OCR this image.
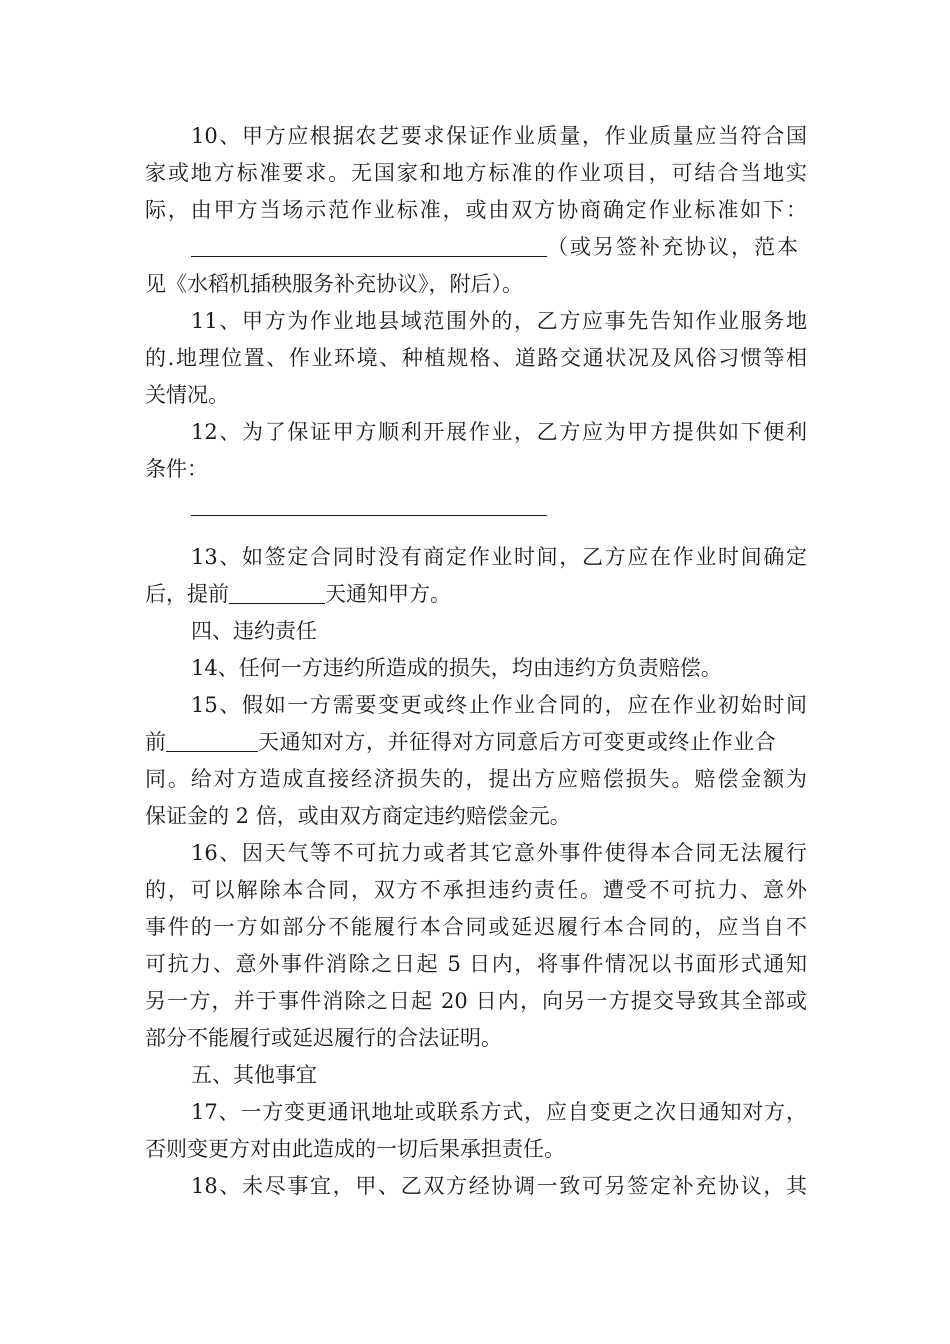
10、甲方应根据农艺要求保证作业质量，作业质量应当符合国
家或地方标准要求。无国家和地方标准的作业项目，可结合当地实
际，由甲方当场示范作业标准，或由双方协商确定作业标准如下：
（或另签补充协议，范本
见《水稻机插秧服务补充协议》，附后）。
11、甲方为作业地县域范围外的，乙方应事先告知作业服务地
的.地理位置、作业环境、种植规格、道路交通状况及风俗习惯等相
关情况。
12、为了保证甲方顺利开展作业，乙方应为甲方提供如下便利
条件：
13、如签定合同时没有商定作业时间，乙方应在作业时间确定
后，提前	天通知甲方。
四、违约责任
14、任何一方违约所造成的损失，均由违约方负责赔偿。
15、假如一方需要变更或终止作业合同的，应在作业初始时间
前	天通知对方，并征得对方同意后方可变更或终止作业合
同。给对方造成直接经济损失的，提出方应赔偿损失。赔偿金额为
保证金的 2 倍，或由双方商定违约赔偿金元。
16、因天气等不可抗力或者其它意外事件使得本合同无法履行
的，可以解除本合同，双方不承担违约责任。遭受不可抗力、意外
事件的一方如部分不能履行本合同或延迟履行本合同的，应当自不
可抗力、意外事件消除之日起 5 日内，将事件情况以书面形式通知
另一方，并于事件消除之日起 20 日内，向另一方提交导致其全部或
部分不能履行或延迟履行的合法证明。
五、其他事宜
17、一方变更通讯地址或联系方式，应自变更之次日通知对方，
否则变更方对由此造成的一切后果承担责任。
18、未尽事宜，甲、乙双方经协调一致可另签定补充协议，其
